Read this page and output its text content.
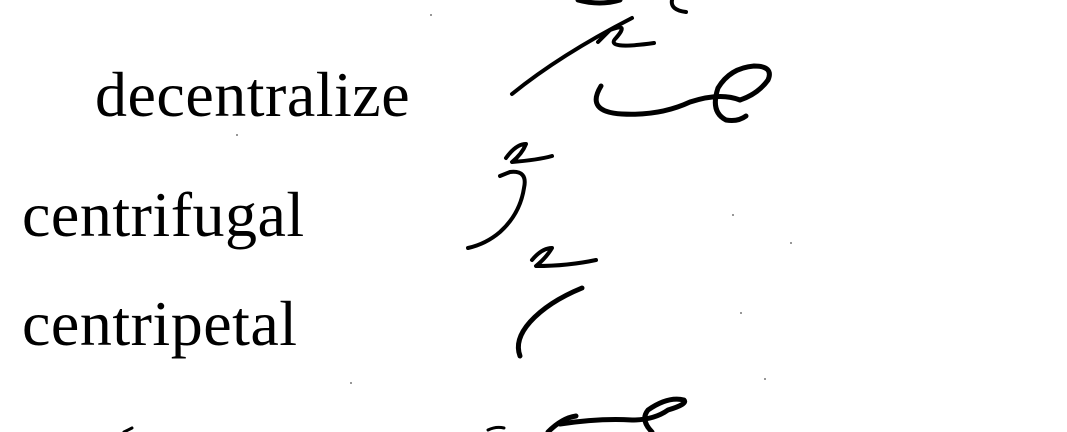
decentralize
centrifugal
centripetal
